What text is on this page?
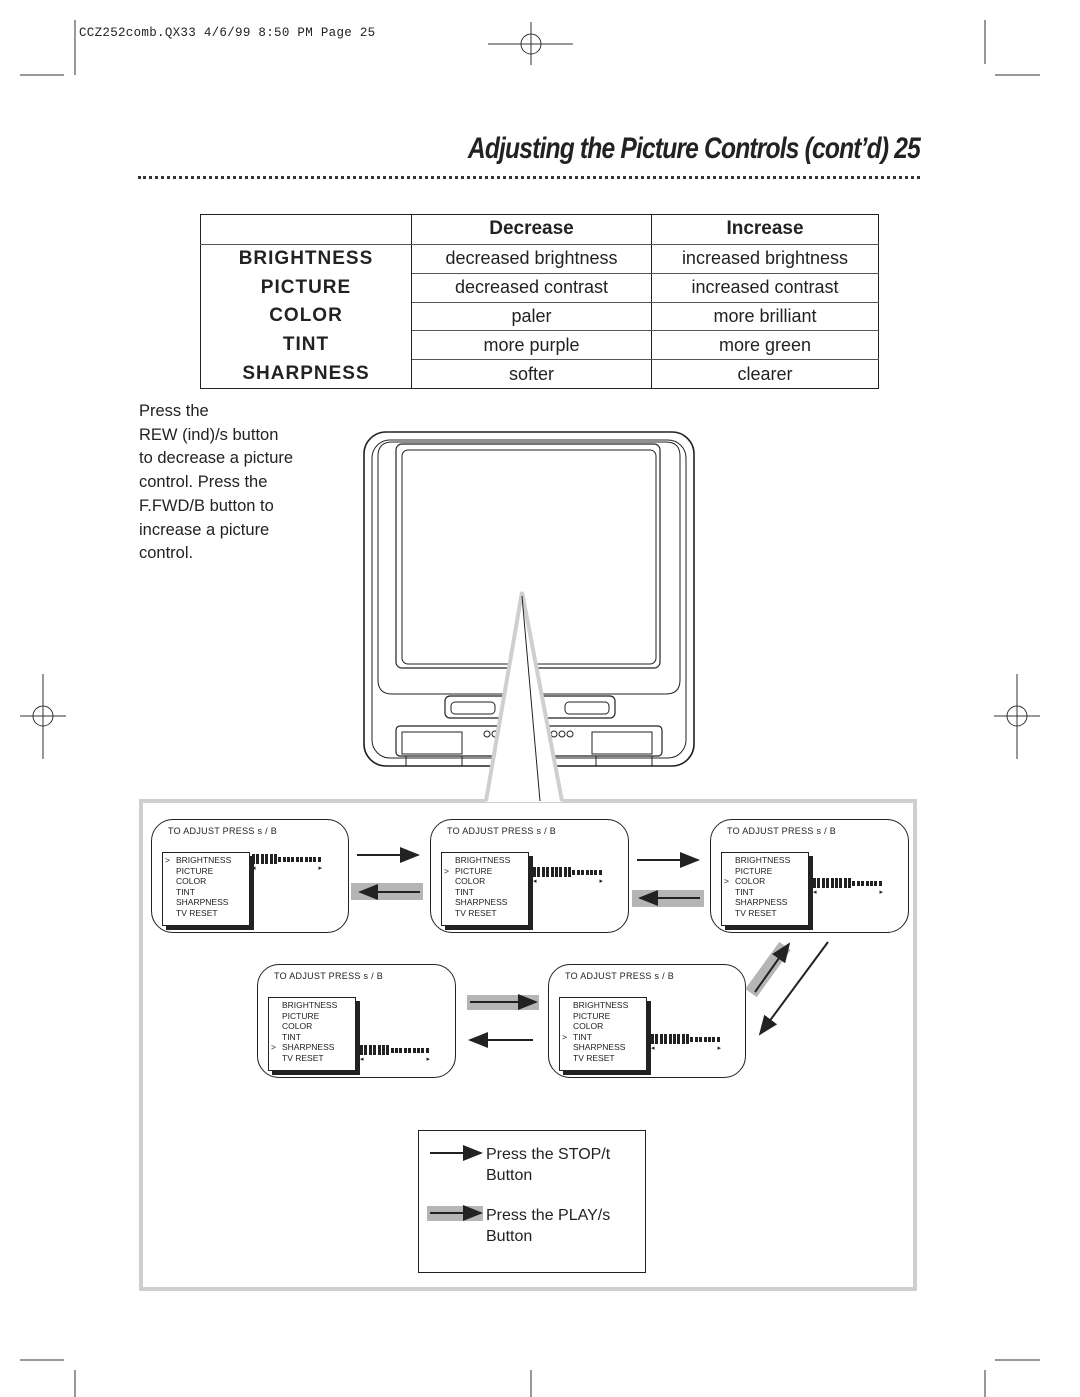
CCZ252comb.QX33 4/6/99 8:50 PM Page 25
Adjusting the Picture Controls (cont’d) 25
	Decrease	Increase
BRIGHTNESS	decreased brightness	increased brightness
PICTURE	decreased contrast	increased contrast
COLOR	paler	more brilliant
TINT	more purple	more green
SHARPNESS	softer	clearer
Press the
REW (ind)/s button
to decrease a picture
control. Press the
F.FWD/B button to
increase a picture
control.
TO ADJUST PRESS s / B
> BRIGHTNESS
PICTURE
COLOR
TINT
SHARPNESS
TV RESET
◂	▸
TO ADJUST PRESS s / B
>
BRIGHTNESS
PICTURE
COLOR
TINT
SHARPNESS
TV RESET
◂	▸
TO ADJUST PRESS s / B
>
BRIGHTNESS
PICTURE
COLOR
TINT
SHARPNESS
TV RESET
◂	▸
TO ADJUST PRESS s / B
>
BRIGHTNESS
PICTURE
COLOR
TINT
SHARPNESS
TV RESET	◂	▸
TO ADJUST PRESS s / B
>
BRIGHTNESS
PICTURE
COLOR
TINT
SHARPNESS
TV RESET
◂	▸
Press the STOP/t
Button
Press the PLAY/s
Button
